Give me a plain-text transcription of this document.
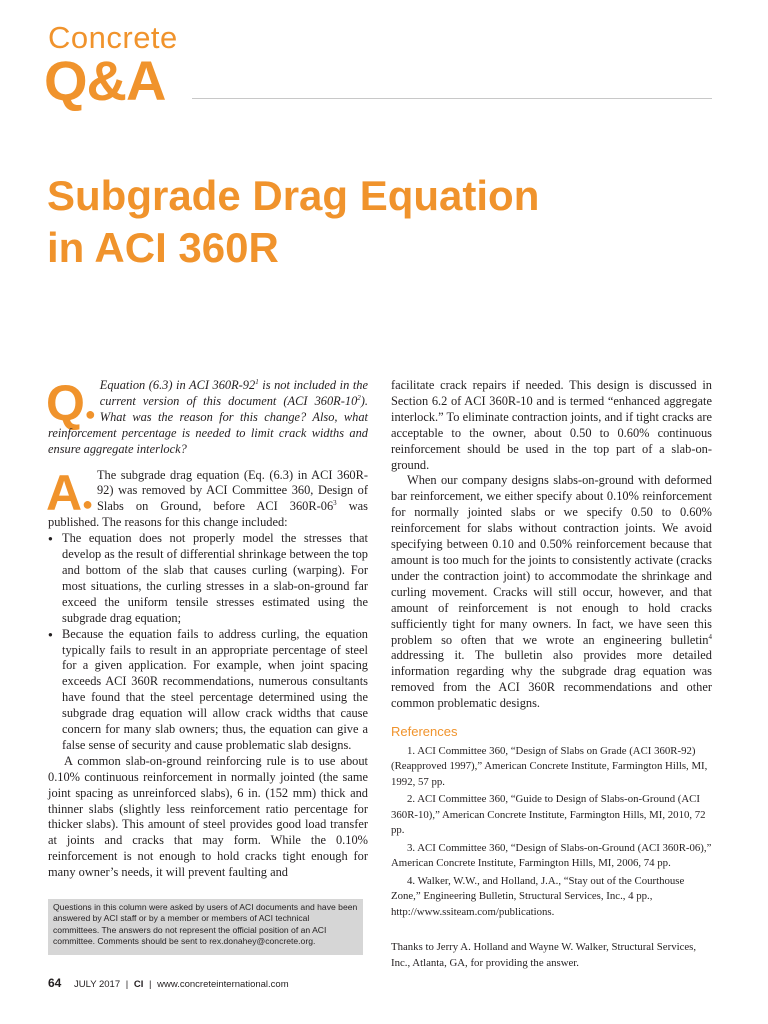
Concrete
Q&A
Subgrade Drag Equation
in ACI 360R

Q●
Equation (6.3) in ACI $360R-92^1$ is not included in the current version of this document (ACI $360R-10^2$). What was the reason for this change? Also, what reinforcement percentage is needed to limit crack widths and ensure aggregate interlock?

A●
The subgrade drag equation (Eq. (6.3) in ACI 360R-92) was removed by ACI Committee 360, Design of Slabs on Ground, before ACI $360R-06^3$ was published. The reasons for this change included:

● The equation does not properly model the stresses that develop as the result of differential shrinkage between the top and bottom of the slab that causes curling (warping). For most situations, the curling stresses in a slab-on-ground far exceed the uniform tensile stresses estimated using the subgrade drag equation;
● Because the equation fails to address curling, the equation typically fails to result in an appropriate percentage of steel for a given application. For example, when joint spacing exceeds ACI 360R recommendations, numerous consultants have found that the steel percentage determined using the subgrade drag equation will allow crack widths that cause concern for many slab owners; thus, the equation can give a false sense of security and cause problematic slab designs.

A common slab-on-ground reinforcing rule is to use about 0.10% continuous reinforcement in normally jointed (the same joint spacing as unreinforced slabs), 6 in. (152 mm) thick and thinner slabs (slightly less reinforcement ratio percentage for thicker slabs). This amount of steel provides good load transfer at joints and cracks that may form. While the 0.10% reinforcement is not enough to hold cracks tight enough for many owner’s needs, it will prevent faulting and

facilitate crack repairs if needed. This design is discussed in Section 6.2 of ACI 360R-10 and is termed “enhanced aggregate interlock.” To eliminate contraction joints, and if tight cracks are acceptable to the owner, about 0.50 to 0.60% continuous reinforcement should be used in the top part of a slab-on-ground.

When our company designs slabs-on-ground with deformed bar reinforcement, we either specify about 0.10% reinforcement for normally jointed slabs or we specify 0.50 to 0.60% reinforcement for slabs without contraction joints. We avoid specifying between 0.10 and 0.50% reinforcement because that amount is too much for the joints to consistently activate (cracks under the contraction joint) to accommodate the shrinkage and curling movement. Cracks will still occur, however, and that amount of reinforcement is not enough to hold cracks sufficiently tight for many owners. In fact, we have seen this problem so often that we wrote an engineering bulletin$^4$ addressing it. The bulletin also provides more detailed information regarding why the subgrade drag equation was removed from the ACI 360R recommendations and other common problematic designs.

References

1. ACI Committee 360, “Design of Slabs on Grade (ACI 360R-92) (Reapproved 1997),” American Concrete Institute, Farmington Hills, MI, 1992, 57 pp.

2. ACI Committee 360, “Guide to Design of Slabs-on-Ground (ACI 360R-10),” American Concrete Institute, Farmington Hills, MI, 2010, 72 pp.

3. ACI Committee 360, “Design of Slabs-on-Ground (ACI 360R-06),” American Concrete Institute, Farmington Hills, MI, 2006, 74 pp.

4. Walker, W.W., and Holland, J.A., “Stay out of the Courthouse Zone,” Engineering Bulletin, Structural Services, Inc., 4 pp., http://www.ssiteam.com/publications.

Thanks to Jerry A. Holland and Wayne W. Walker, Structural Services, Inc., Atlanta, GA, for providing the answer.

Questions in this column were asked by users of ACI documents and have been answered by ACI staff or by a member or members of ACI technical committees. The answers do not represent the official position of an ACI committee. Comments should be sent to rex.donahey@concrete.org.
64 JULY 2017 | CI | www.concreteinternational.com
